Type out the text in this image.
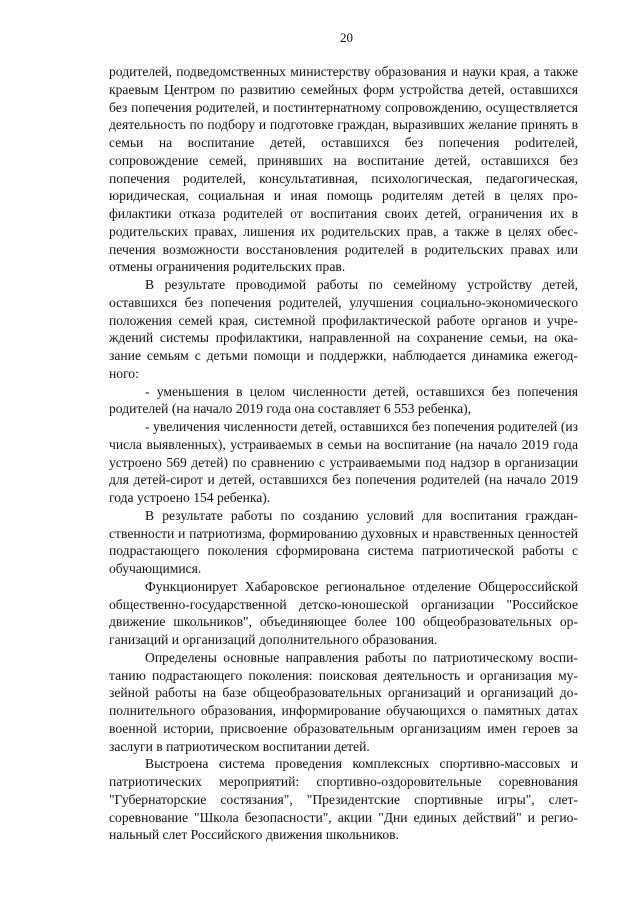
20

родителей, подведомственных министерству образования и науки края, а также краевым Центром по развитию семейных форм устройства детей, оставшихся без попечения родителей, и постинтернатному сопровождению, осуществляется деятельность по подбору и подготовке граждан, выразивших желание принять в семьи на воспитание детей, оставшихся без попечения роdителей, сопровождение семей, принявших на воспитание детей, оставшихся без попечения родителей, консультативная, психологическая, педагогическая, юридическая, социальная и иная помощь родителям детей в целях профилактики отказа родителей от воспитания своих детей, ограничения их в родительских правах, лишения их родительских прав, а также в целях обеспечения возможности восстановления родителей в родительских правах или отмены ограничения родительских прав.

В результате проводимой работы по семейному устройству детей, оставшихся без попечения родителей, улучшения социально-экономического положения семей края, системной профилактической работе органов и учреждений системы профилактики, направленной на сохранение семьи, на оказание семьям с детьми помощи и поддержки, наблюдается динамика ежегодного:

- уменьшения в целом численности детей, оставшихся без попечения родителей (на начало 2019 года она составляет 6 553 ребенка),

- увеличения численности детей, оставшихся без попечения родителей (из числа выявленных), устраиваемых в семьи на воспитание (на начало 2019 года устроено 569 детей) по сравнению с устраиваемыми под надзор в организации для детей-сирот и детей, оставшихся без попечения родителей (на начало 2019 года устроено 154 ребенка).

В результате работы по созданию условий для воспитания гражданственности и патриотизма, формированию духовных и нравственных ценностей подрастающего поколения сформирована система патриотической работы с обучающимися.

Функционирует Хабаровское региональное отделение Общероссийской общественно-государственной детско-юношеской организации "Российское движение школьников", объединяющее более 100 общеобразовательных организаций и организаций дополнительного образования.

Определены основные направления работы по патриотическому воспитанию подрастающего поколения: поисковая деятельность и организация музейной работы на базе общеобразовательных организаций и организаций дополнительного образования, информирование обучающихся о памятных датах военной истории, присвоение образовательным организациям имен героев за заслуги в патриотическом воспитании детей.

Выстроена система проведения комплексных спортивно-массовых и патриотических мероприятий: спортивно-оздоровительные соревнования "Губернаторские состязания", "Президентские спортивные игры", слет-соревнование "Школа безопасности", акции "Дни единых действий" и региональный слет Российского движения школьников.
